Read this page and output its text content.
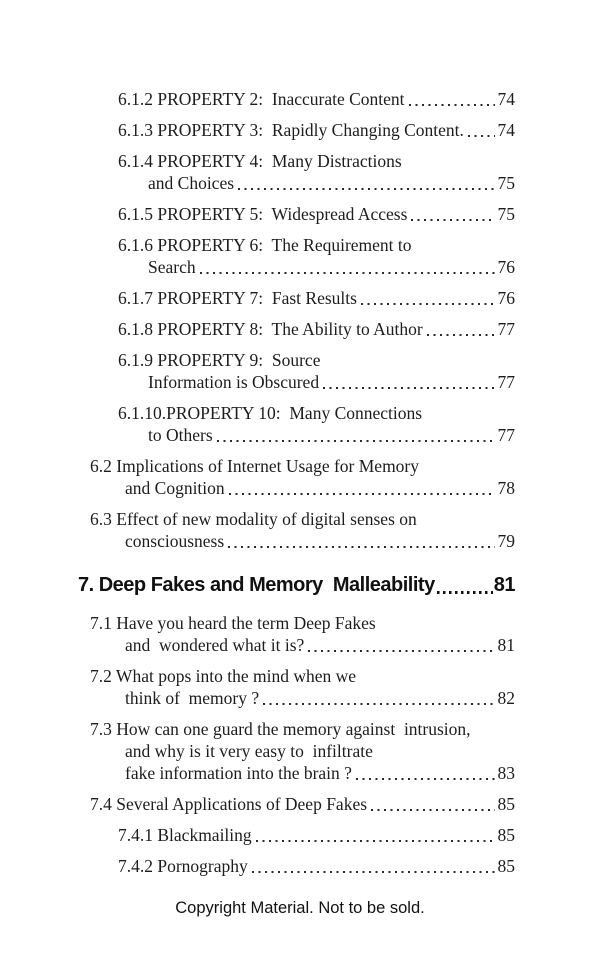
6.1.2 PROPERTY 2:  Inaccurate Content	74
6.1.3 PROPERTY 3:  Rapidly Changing Content. 74
6.1.4 PROPERTY 4:  Many Distractions
and Choices	75
6.1.5 PROPERTY 5:  Widespread Access	75
6.1.6 PROPERTY 6:  The Requirement to
Search	76
6.1.7 PROPERTY 7:  Fast Results	76
6.1.8 PROPERTY 8:  The Ability to Author	77
6.1.9 PROPERTY 9:  Source
Information is Obscured	77
6.1.10.PROPERTY 10:  Many Connections
to Others	77
6.2 Implications of Internet Usage for Memory
and Cognition	78
6.3 Effect of new modality of digital senses on
consciousness	79
7. Deep Fakes and Memory  Malleability	81
7.1 Have you heard the term Deep Fakes
and  wondered what it is?	81
7.2 What pops into the mind when we
think of  memory ?	82
7.3 How can one guard the memory against  intrusion,
and why is it very easy to  infiltrate
fake information into the brain ?	83
7.4 Several Applications of Deep Fakes	85
7.4.1 Blackmailing	85
7.4.2 Pornography	85
Copyright Material. Not to be sold.
